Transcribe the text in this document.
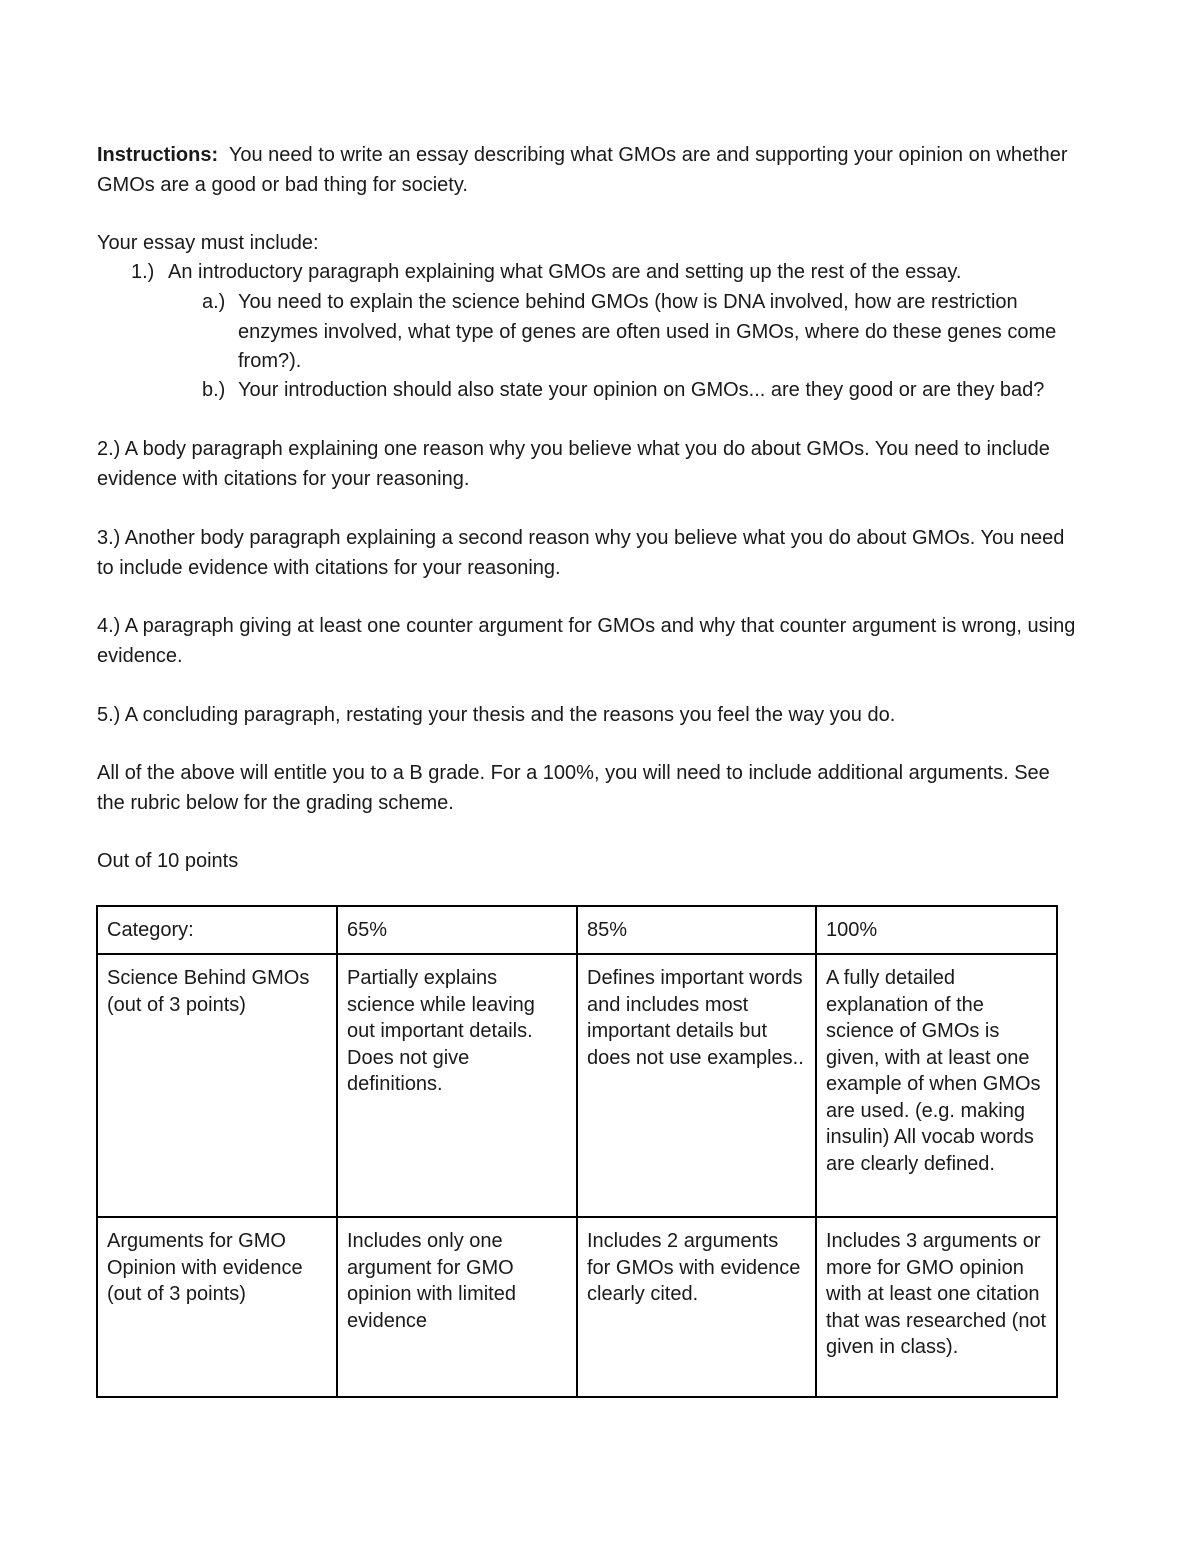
Instructions:  You need to write an essay describing what GMOs are and supporting your opinion on whether GMOs are a good or bad thing for society.

Your essay must include:

1.) An introductory paragraph explaining what GMOs are and setting up the rest of the essay.
a.) You need to explain the science behind GMOs (how is DNA involved, how are restriction enzymes involved, what type of genes are often used in GMOs, where do these genes come from?).
b.) Your introduction should also state your opinion on GMOs... are they good or are they bad?

2.) A body paragraph explaining one reason why you believe what you do about GMOs. You need to include evidence with citations for your reasoning.

3.) Another body paragraph explaining a second reason why you believe what you do about GMOs. You need to include evidence with citations for your reasoning.

4.) A paragraph giving at least one counter argument for GMOs and why that counter argument is wrong, using evidence.

5.) A concluding paragraph, restating your thesis and the reasons you feel the way you do.

All of the above will entitle you to a B grade. For a 100%, you will need to include additional arguments. See the rubric below for the grading scheme.

Out of 10 points

Category:	65%	85%	100%
Science Behind GMOs (out of 3 points)	Partially explains science while leaving out important details. Does not give definitions.	Defines important words and includes most important details but does not use examples..	A fully detailed explanation of the science of GMOs is given, with at least one example of when GMOs are used. (e.g. making insulin) All vocab words are clearly defined.
Arguments for GMO Opinion with evidence (out of 3 points)	Includes only one argument for GMO opinion with limited evidence	Includes 2 arguments for GMOs with evidence clearly cited.	Includes 3 arguments or more for GMO opinion with at least one citation that was researched (not given in class).
